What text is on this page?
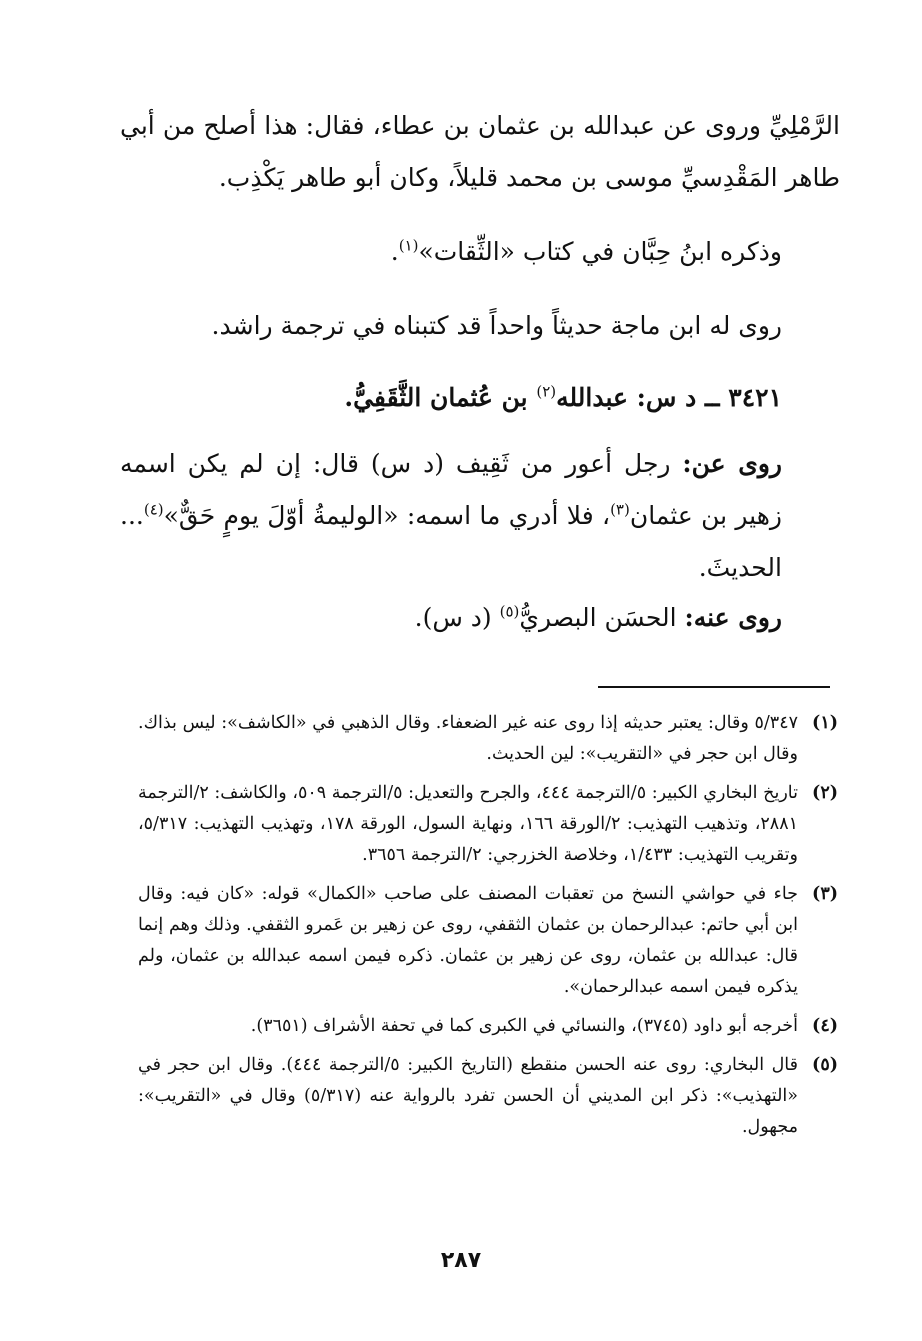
الرَّمْلِيِّ وروى عن عبدالله بن عثمان بن عطاء، فقال: هذا أصلح من أبي طاهر المَقْدِسيِّ موسى بن محمد قليلاً، وكان أبو طاهر يَكْذِب.

وذكره ابنُ حِبَّان في كتاب «الثِّقات»$^{(١)}$.

روى له ابن ماجة حديثاً واحداً قد كتبناه في ترجمة راشد.

٣٤٢١ ــ د س: عبدالله$^{(٢)}$ بن عُثمان الثَّقَفِيُّ.

روى عن: رجل أعور من ثَقِيف (د س) قال: إن لم يكن اسمه زهير بن عثمان$^{(٣)}$، فلا أدري ما اسمه: «الوليمةُ أوّلَ يومٍ حَقٌّ»$^{(٤)}$... الحديثَ.

روى عنه: الحسَن البصريُّ$^{(٥)}$ (د س).

(١)
٥/٣٤٧ وقال: يعتبر حديثه إذا روى عنه غير الضعفاء. وقال الذهبي في «الكاشف»: ليس بذاك. وقال ابن حجر في «التقريب»: لين الحديث.
(٢)
تاريخ البخاري الكبير: ٥/الترجمة ٤٤٤، والجرح والتعديل: ٥/الترجمة ٥٠٩، والكاشف: ٢/الترجمة ٢٨٨١، وتذهيب التهذيب: ٢/الورقة ١٦٦، ونهاية السول، الورقة ١٧٨، وتهذيب التهذيب: ٥/٣١٧، وتقريب التهذيب: ١/٤٣٣، وخلاصة الخزرجي: ٢/الترجمة ٣٦٥٦.
(٣)
جاء في حواشي النسخ من تعقبات المصنف على صاحب «الكمال» قوله: «كان فيه: وقال ابن أبي حاتم: عبدالرحمان بن عثمان الثقفي، روى عن زهير بن عَمرو الثقفي. وذلك وهم إنما قال: عبدالله بن عثمان، روى عن زهير بن عثمان. ذكره فيمن اسمه عبدالله بن عثمان، ولم يذكره فيمن اسمه عبدالرحمان».
(٤)
أخرجه أبو داود (٣٧٤٥)، والنسائي في الكبرى كما في تحفة الأشراف (٣٦٥١).
(٥)
قال البخاري: روى عنه الحسن منقطع (التاريخ الكبير: ٥/الترجمة ٤٤٤). وقال ابن حجر في «التهذيب»: ذكر ابن المديني أن الحسن تفرد بالرواية عنه (٥/٣١٧) وقال في «التقريب»: مجهول.
٢٨٧
